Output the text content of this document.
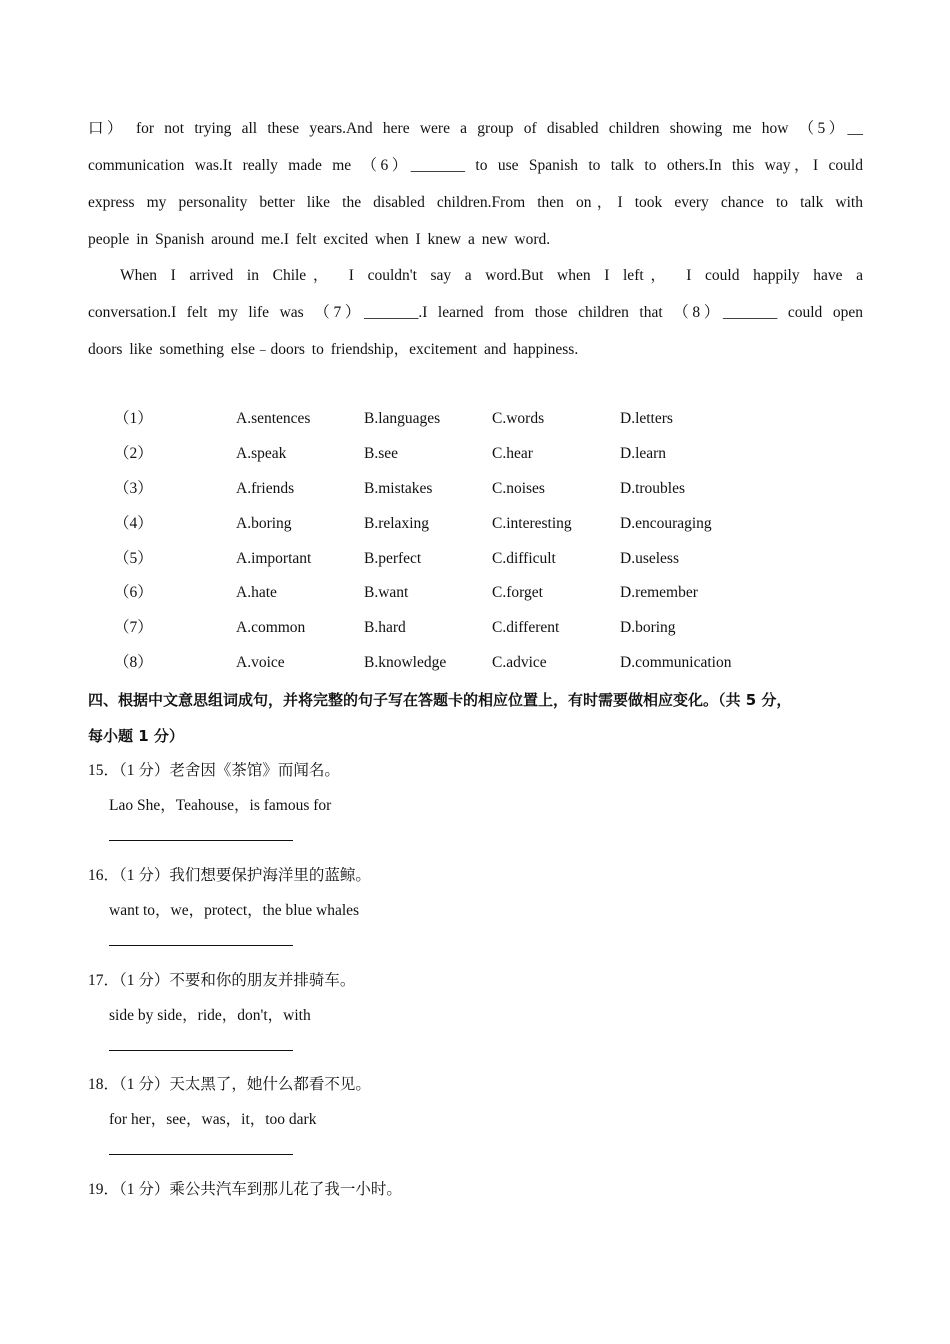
口） for not trying all these years.And here were a group of disabled children showing me how （5）__
communication was.It really made me （6）_______ to use Spanish to talk to others.In this way，I could
express my personality better like the disabled children.From then on，I took every chance to talk with
people in Spanish around me.I felt excited when I knew a new word.
When I arrived in Chile， I couldn't say a word.But when I left， I could happily have a
conversation.I felt my life was （7）_______.I learned from those children that （8）_______ could open
doors like something else﹣doors to friendship，excitement and happiness.
（1）	A.sentences	B.languages	C.words	D.letters
（2）	A.speak	B.see	C.hear	D.learn
（3）	A.friends	B.mistakes	C.noises	D.troubles
（4）	A.boring	B.relaxing	C.interesting	D.encouraging
（5）	A.important	B.perfect	C.difficult	D.useless
（6）	A.hate	B.want	C.forget	D.remember
（7）	A.common	B.hard	C.different	D.boring
（8）	A.voice	B.knowledge	C.advice	D.communication
四、根据中文意思组词成句，并将完整的句子写在答题卡的相应位置上，有时需要做相应变化。（共 5 分，
每小题 1 分）
15．（1 分）老舍因《茶馆》而闻名。
Lao She，Teahouse，is famous for
16．（1 分）我们想要保护海洋里的蓝鲸。
want to，we，protect，the blue whales
17．（1 分）不要和你的朋友并排骑车。
side by side，ride，don't，with
18．（1 分）天太黑了，她什么都看不见。
for her，see，was，it，too dark
19．（1 分）乘公共汽车到那儿花了我一小时。
